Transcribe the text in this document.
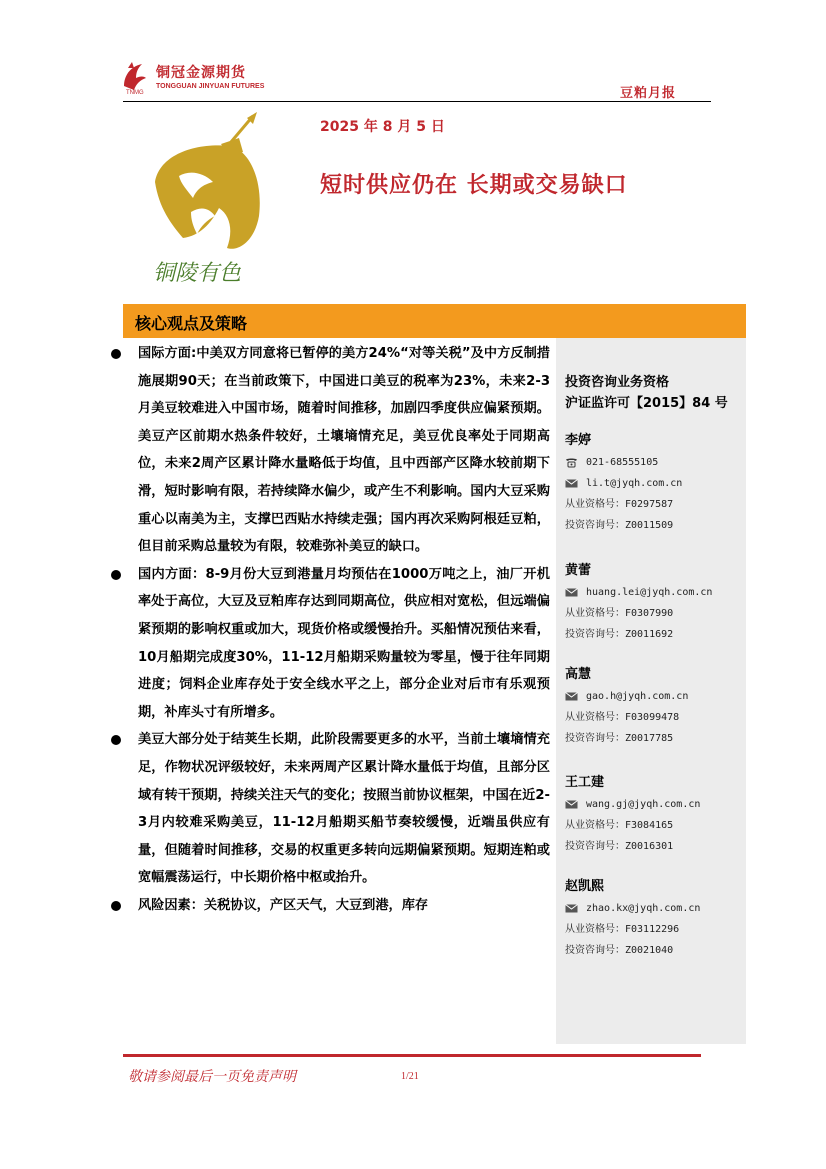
铜冠金源期货
TONGGUAN JINYUAN FUTURES
TNMG	豆粕月报
铜陵有色
2025 年 8 月 5 日
短时供应仍在 长期或交易缺口
核心观点及策略
投资咨询业务资格
沪证监许可【2015】84 号
李婷
021-68555105
li.t@jyqh.com.cn
从业资格号：F0297587
投资咨询号：Z0011509
黄蕾
huang.lei@jyqh.com.cn
从业资格号：F0307990
投资咨询号：Z0011692
高慧
gao.h@jyqh.com.cn
从业资格号：F03099478
投资咨询号：Z0017785
王工建
wang.gj@jyqh.com.cn
从业资格号：F3084165
投资咨询号：Z0016301
赵凯熙
zhao.kx@jyqh.com.cn
从业资格号：F03112296
投资咨询号：Z0021040
国际方面:中美双方同意将已暂停的美方24%“对等关税”及中方反制措施展期90天；在当前政策下，中国进口美豆的税率为23%，未来2-3月美豆较难进入中国市场，随着时间推移，加剧四季度供应偏紧预期。美豆产区前期水热条件较好，土壤墒情充足，美豆优良率处于同期高位，未来2周产区累计降水量略低于均值，且中西部产区降水较前期下滑，短时影响有限，若持续降水偏少，或产生不利影响。国内大豆采购重心以南美为主，支撑巴西贴水持续走强；国内再次采购阿根廷豆粕，但目前采购总量较为有限，较难弥补美豆的缺口。
国内方面：8-9月份大豆到港量月均预估在1000万吨之上，油厂开机率处于高位，大豆及豆粕库存达到同期高位，供应相对宽松，但远端偏紧预期的影响权重或加大，现货价格或缓慢抬升。买船情况预估来看， 10月船期完成度30%，11-12月船期采购量较为零星，慢于往年同期进度；饲料企业库存处于安全线水平之上，部分企业对后市有乐观预期，补库头寸有所增多。
美豆大部分处于结荚生长期，此阶段需要更多的水平，当前土壤墒情充足，作物状况评级较好，未来两周产区累计降水量低于均值，且部分区域有转干预期，持续关注天气的变化；按照当前协议框架，中国在近2-3月内较难采购美豆，11-12月船期买船节奏较缓慢，近端虽供应有量，但随着时间推移，交易的权重更多转向远期偏紧预期。短期连粕或宽幅震荡运行，中长期价格中枢或抬升。
风险因素：关税协议，产区天气，大豆到港，库存
敬请参阅最后一页免责声明	1/21
